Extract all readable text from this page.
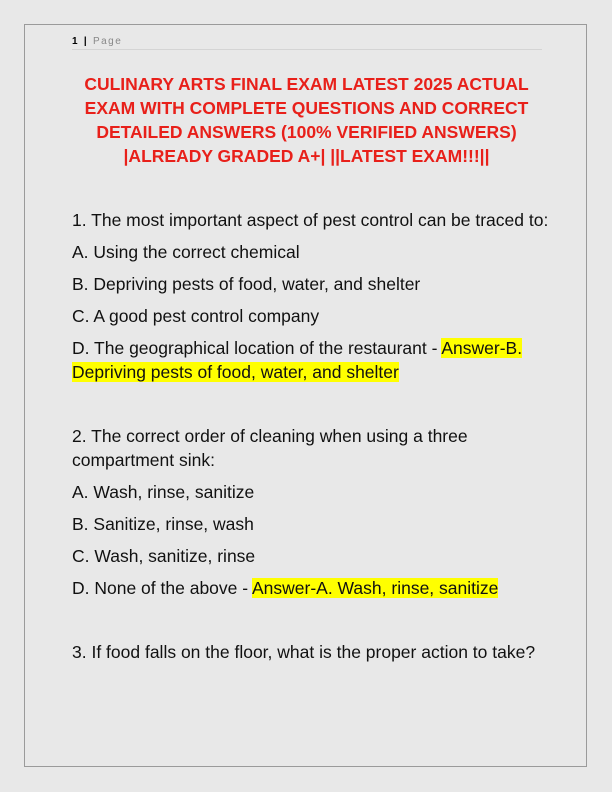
1 | Page
CULINARY ARTS FINAL EXAM LATEST 2025 ACTUAL
EXAM WITH COMPLETE QUESTIONS AND CORRECT
DETAILED ANSWERS (100% VERIFIED ANSWERS)
|ALREADY GRADED A+| ||LATEST EXAM!!!||
1. The most important aspect of pest control can be traced to:
A. Using the correct chemical
B. Depriving pests of food, water, and shelter
C. A good pest control company
D. The geographical location of the restaurant - Answer-B. Depriving pests of food, water, and shelter
2. The correct order of cleaning when using a three compartment sink:
A. Wash, rinse, sanitize
B. Sanitize, rinse, wash
C. Wash, sanitize, rinse
D. None of the above - Answer-A. Wash, rinse, sanitize
3. If food falls on the floor, what is the proper action to take?
